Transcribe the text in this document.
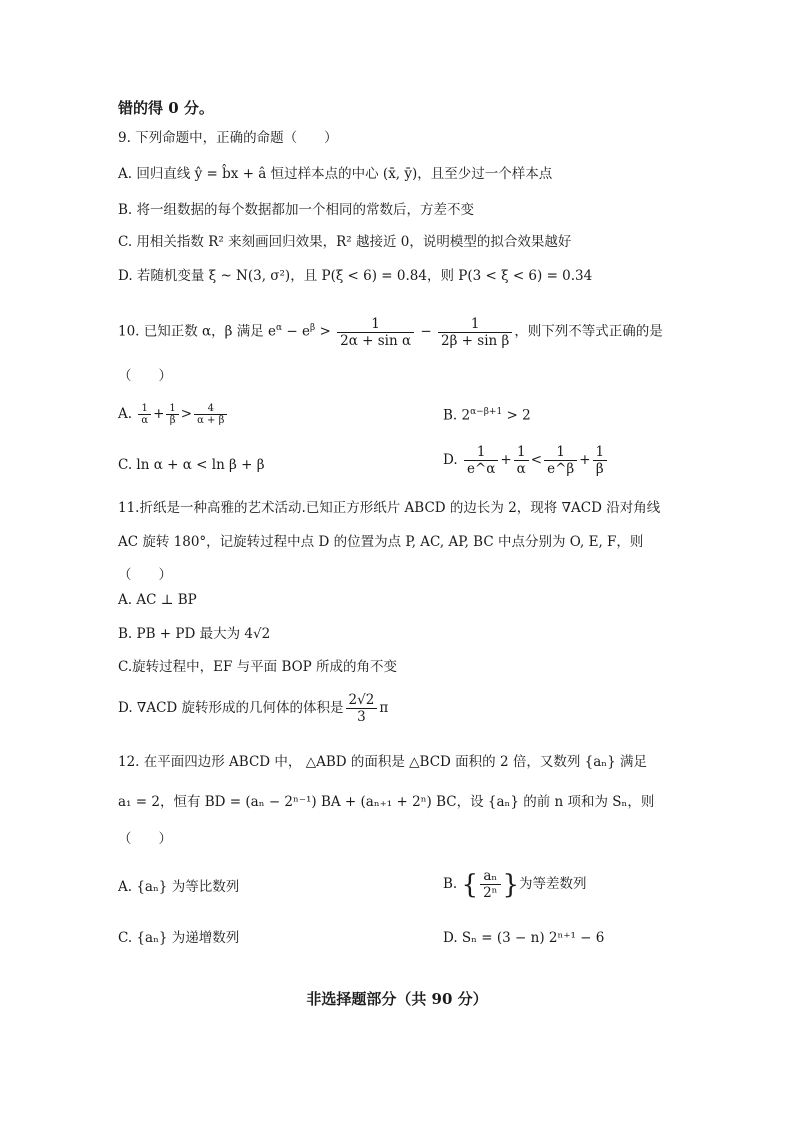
错的得 0 分。
9. 下列命题中，正确的命题（　　）
A. 回归直线 ŷ = b̂x + â 恒过样本点的中心 (x̄, ȳ)，且至少过一个样本点
B. 将一组数据的每个数据都加一个相同的常数后，方差不变
C. 用相关指数 R² 来刻画回归效果，R² 越接近 0，说明模型的拟合效果越好
D. 若随机变量 ξ ~ N(3, σ²)，且 P(ξ < 6) = 0.84，则 P(3 < ξ < 6) = 0.34
10. 已知正数 α，β 满足 $e^\alpha - e^\beta > \frac{1}{\text{2α + sin α}} - \frac{1}{\text{2β + sin β}}$ ，则下列不等式正确的是
（　　）
A. $\frac{1}{\alpha} + \frac{1}{\beta} > \frac{4}{\alpha + \beta}$	B. $2^{\alpha-\beta+1} > 2$
C. ln α + α < ln β + β	D. $\frac{1}{e\^{}\alpha} + \frac{1}{\alpha} < \frac{1}{e\^{}\beta} + \frac{1}{\beta}$
11.折纸是一种高雅的艺术活动.已知正方形纸片 ABCD 的边长为 2，现将 ∇ACD 沿对角线
AC 旋转 180°，记旋转过程中点 D 的位置为点 P, AC, AP, BC 中点分别为 O, E, F，则
（　　）
A. AC ⊥ BP
B. PB + PD 最大为 4√2
C.旋转过程中，EF 与平面 BOP 所成的角不变
D. ∇ACD 旋转形成的几何体的体积是 $\frac{2√2}{3}$ π
12. 在平面四边形 ABCD 中， △ABD 的面积是 △BCD 面积的 2 倍，又数列 {aₙ} 满足
a₁ = 2，恒有 BD = (aₙ − 2ⁿ⁻¹) BA + (aₙ₊₁ + 2ⁿ) BC，设 {aₙ} 的前 n 项和为 Sₙ，则
（　　）
A. {aₙ} 为等比数列	B. { $\frac{\text{aₙ}}{\text{2ⁿ}}$ }为等差数列
C. {aₙ} 为递增数列	D. Sₙ = (3 − n) 2ⁿ⁺¹ − 6
非选择题部分（共 90 分）
